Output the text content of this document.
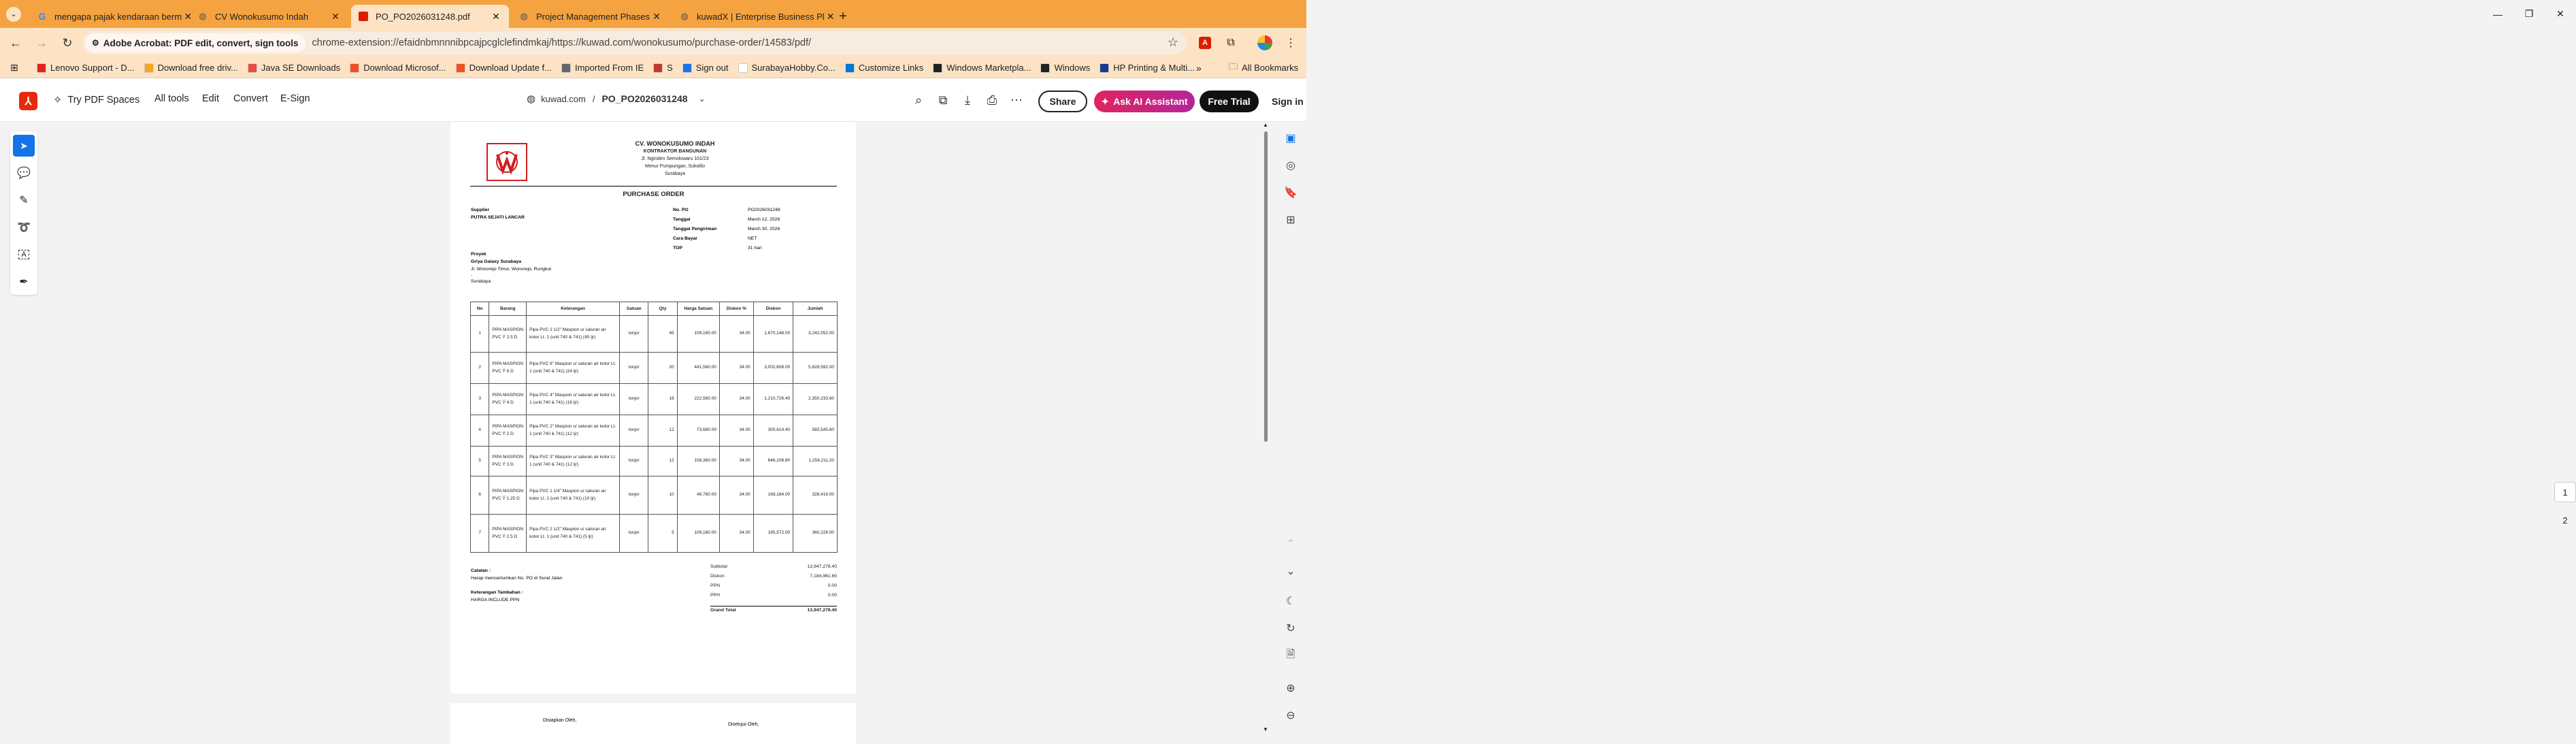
⌄	G mengapa pajak kendaraan berm ✕ ◍ CV Wonokusumo Indah	✕	PO_PO2026031248.pdf	✕ ◍ Project Management Phases ✕ ◍ kuwadX | Enterprise Business Pl ✕ +	—	❐	✕
← → ↻ ⚙ Adobe Acrobat: PDF edit, convert, sign tools chrome-extension://efaidnbmnnnibpcajpcglclefindmkaj/https://kuwad.com/wonokusumo/purchase-order/14583/pdf/	☆	A	⧉	⋮
⊞	Lenovo Support - D...	Download free driv...	Java SE Downloads	Download Microsof...	Download Update f...	Imported From IE	S	Sign out	SurabayaHobby.Co...	Customize Links	Windows Marketpla...	Windows	HP Printing & Multi... »	🗀 All Bookmarks
⅄	✧ Try PDF Spaces All tools Edit Convert E-Sign	◍ kuwad.com / PO_PO2026031248 ⌄	⌕	⧉	⤓	⎙	⋯	Share	✦ Ask AI Assistant	Free Trial	Sign in
➤
💬
✎
➰
A
✒
CV. WONOKUSUMO INDAH
KONTRAKTOR BANGUNAN
Jl. Nginden Semolowaru 101/23
Menur Pumpungan, Sukolilo
Surabaya
PURCHASE ORDER
Supplier
PUTRA SEJATI LANCAR
No. PO	PO2026031248
Tanggal	March 12, 2026
Tanggal Pengiriman	March 30, 2026
Cara Bayar	NET
TOP	31 hari
Proyek
Griya Galaxy Surabaya
Jl. Wonorejo Timur, Wonorejo, Rungkut
-
Surabaya
No	Barang	Keterangan	Satuan	Qty	Harga Satuan	Diskon %	Diskon	Jumlah
1	PIPA MASPION PVC Ÿ 2.5 D	Pipa PVC 2 1/2" Maspion u/ saluran air kotor Lt. 1 (unit 740 & 741) (45 ljr)	lonjor	45	109,160.00	34.00	1,670,148.00	3,242,052.00
2	PIPA MASPION PVC Ÿ 6 D	Pipa PVC 6" Maspion u/ saluran air kotor Lt. 1 (unit 740 & 741) (24 ljr)	lonjor	20	441,560.00	34.00	3,002,608.00	5,828,592.00
3	PIPA MASPION PVC Ÿ 4 D	Pipa PVC 4" Maspion u/ saluran air kotor Lt. 1 (unit 740 & 741) (16 ljr)	lonjor	16	222,560.00	34.00	1,210,726.40	2,350,233.60
4	PIPA MASPION PVC Ÿ 2 D	Pipa PVC 2" Maspion u/ saluran air kotor Lt. 1 (unit 740 & 741) (12 ljr)	lonjor	12	73,680.00	34.00	300,614.40	583,545.60
5	PIPA MASPION PVC Ÿ 3 D	Pipa PVC 3" Maspion u/ saluran air kotor Lt. 1 (unit 740 & 741) (12 ljr)	lonjor	12	158,360.00	34.00	646,108.80	1,254,211.20
6	PIPA MASPION PVC Ÿ 1.25 D	Pipa PVC 1 1/4" Maspion u/ saluran air kotor Lt. 1 (unit 740 & 741) (10 ljr)	lonjor	10	49,760.00	34.00	169,184.00	328,416.00
7	PIPA MASPION PVC Ÿ 2.5 D	Pipa PVC 2 1/2" Maspion u/ saluran air kotor Lt. 1 (unit 740 & 741) (5 ljr)	lonjor	5	109,160.00	34.00	185,572.00	360,228.00
Catatan :
Harap mencantumkan No. PO di Surat Jalan
Keterangan Tambahan :
HARGA INCLUDE PPN
Subtotal	13,947,278.40
Diskon	7,184,961.60
PPN	0.00
PPH	0.00
Grand Total	13,947,278.40
Disiapkan Oleh,
Disetujui Oleh,
▲
▼
▣
◎
🔖
⊞
1
2
⌃
⌄
☾
↻
🗎
⊕
⊖
